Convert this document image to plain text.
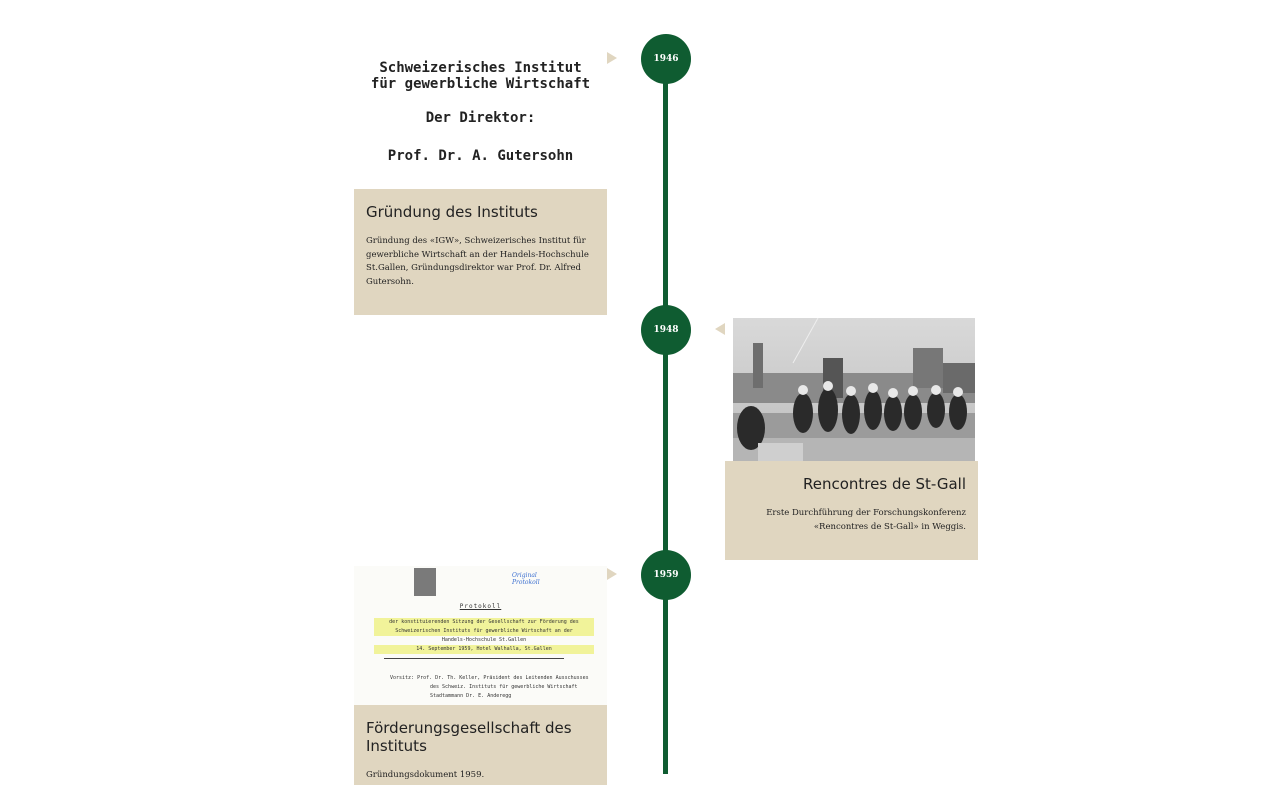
1946
Schweizerisches Institut
für gewerbliche Wirtschaft
Der Direktor:
Prof. Dr. A. Gutersohn
Gründung des Instituts

Gründung des «IGW», Schweizerisches Institut für gewerbliche Wirtschaft an der Handels-Hochschule St.Gallen, Gründungsdirektor war Prof. Dr. Alfred Gutersohn.

1948
Rencontres de St-Gall

Erste Durchführung der Forschungskonferenz «Rencontres de St-Gall» in Weggis.

1959
Original Protokoll
Protokoll
der konstituierenden Sitzung der Gesellschaft zur Förderung des
Schweizerischen Instituts für gewerbliche Wirtschaft an der
Handels-Hochschule St.Gallen
14. September 1959, Hotel Walhalla, St.Gallen
Vorsitz: Prof. Dr. Th. Keller, Präsident des Leitenden Ausschusses
des Schweiz. Instituts für gewerbliche Wirtschaft
Stadtammann Dr. E. Anderegg
Förderungsgesellschaft des Instituts

Gründungsdokument 1959.
